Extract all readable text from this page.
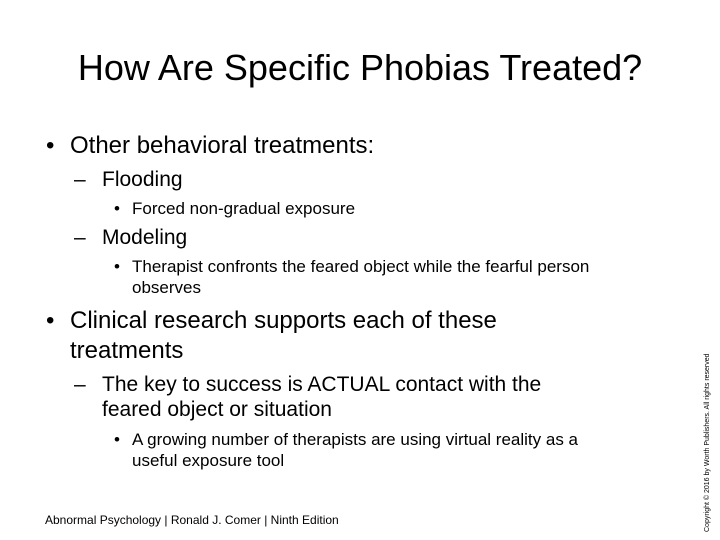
How Are Specific Phobias Treated?
• Other behavioral treatments:
– Flooding
• Forced non-gradual exposure
– Modeling
• Therapist confronts the feared object while the fearful person
observes
• Clinical research supports each of these
treatments
– The key to success is ACTUAL contact with the
feared object or situation
• A growing number of therapists are using virtual reality as a
useful exposure tool
Abnormal Psychology | Ronald J. Comer | Ninth Edition	Copyright © 2016 by Worth Publishers. All rights reserved
